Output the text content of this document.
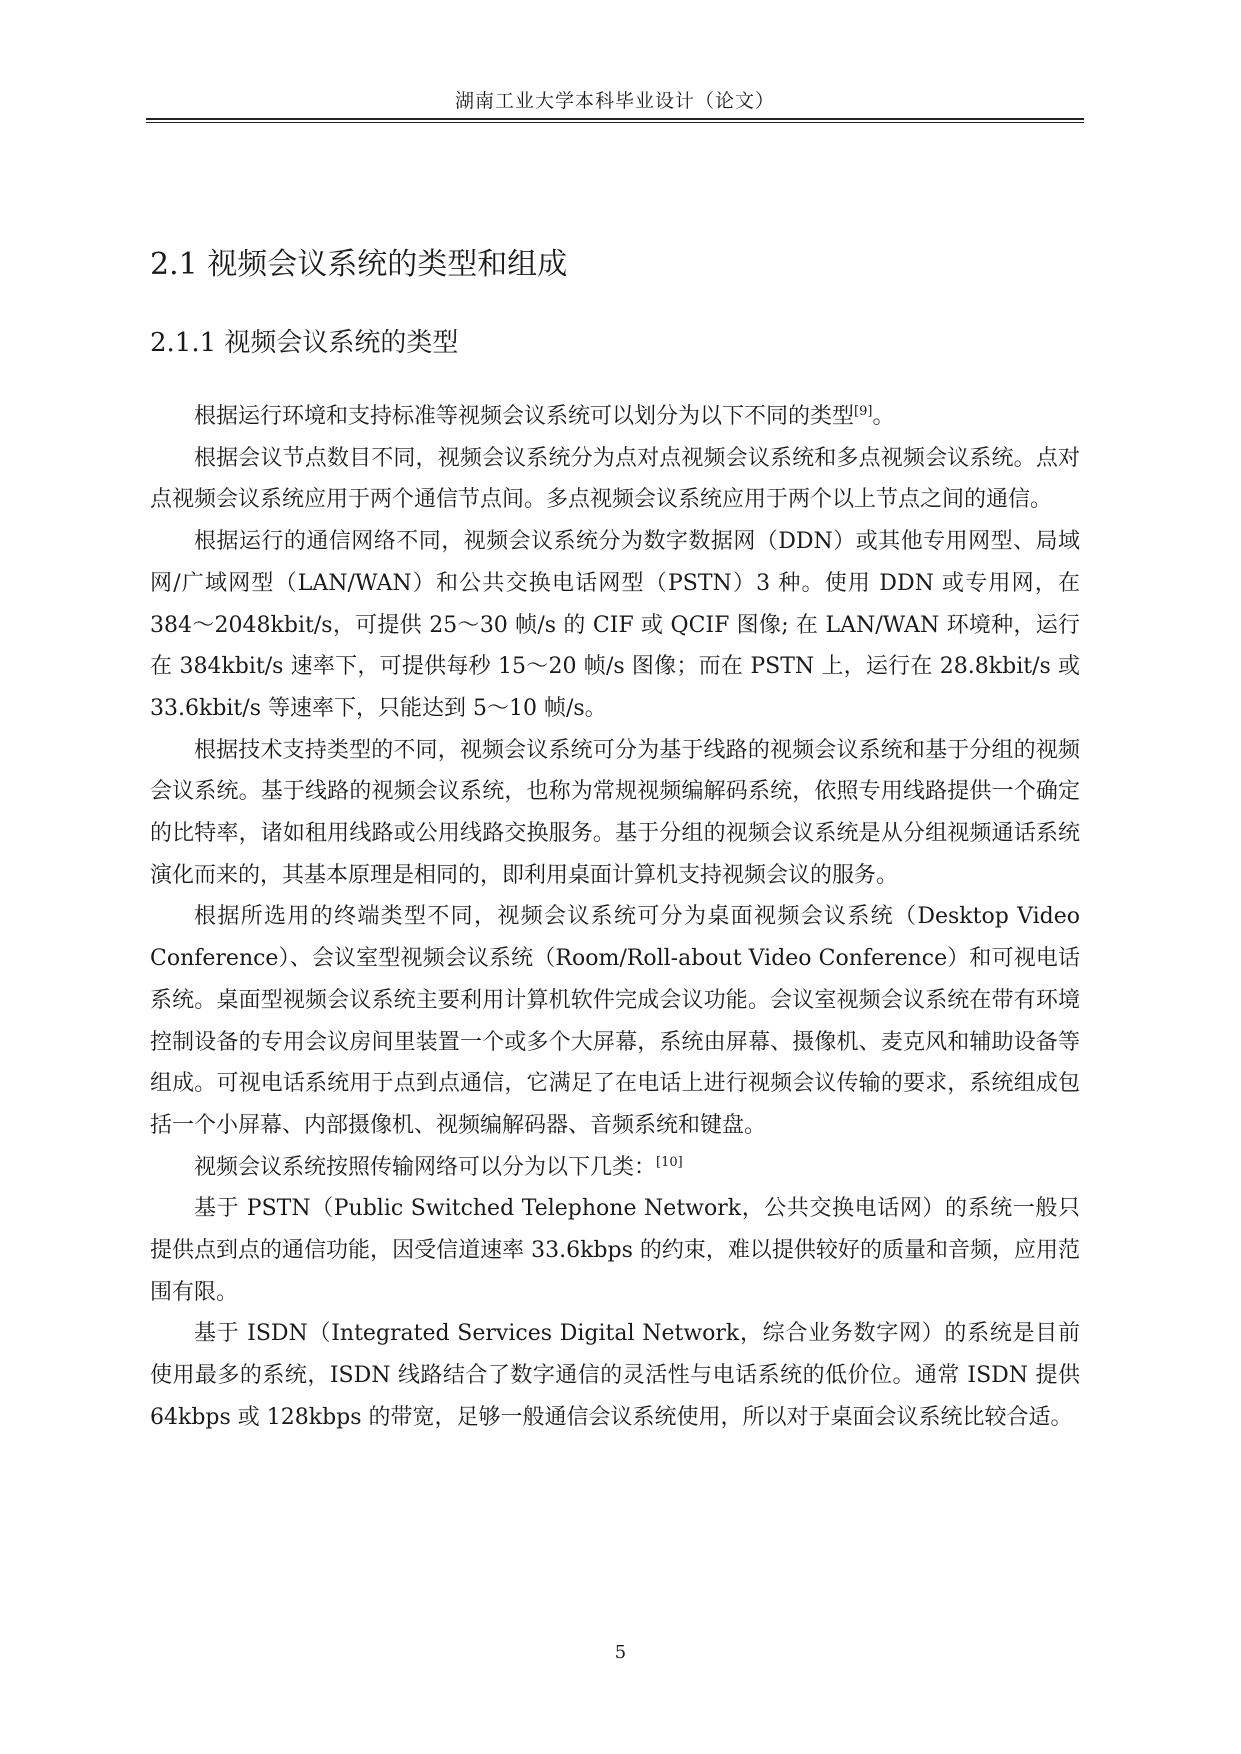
湖南工业大学本科毕业设计（论文）
2.1 视频会议系统的类型和组成
2.1.1 视频会议系统的类型

根据运行环境和支持标准等视频会议系统可以划分为以下不同的类型[9]。

根据会议节点数目不同，视频会议系统分为点对点视频会议系统和多点视频会议系统。点对点视频会议系统应用于两个通信节点间。多点视频会议系统应用于两个以上节点之间的通信。

根据运行的通信网络不同，视频会议系统分为数字数据网（DDN）或其他专用网型、局域网/广域网型（LAN/WAN）和公共交换电话网型（PSTN）3 种。使用 DDN 或专用网，在 384～2048kbit/s，可提供 25～30 帧/s 的 CIF 或 QCIF 图像; 在 LAN/WAN 环境种，运行在 384kbit/s 速率下，可提供每秒 15～20 帧/s 图像；而在 PSTN 上，运行在 28.8kbit/s 或 33.6kbit/s 等速率下，只能达到 5～10 帧/s。

根据技术支持类型的不同，视频会议系统可分为基于线路的视频会议系统和基于分组的视频会议系统。基于线路的视频会议系统，也称为常规视频编解码系统，依照专用线路提供一个确定的比特率，诸如租用线路或公用线路交换服务。基于分组的视频会议系统是从分组视频通话系统演化而来的，其基本原理是相同的，即利用桌面计算机支持视频会议的服务。

根据所选用的终端类型不同，视频会议系统可分为桌面视频会议系统（Desktop Video Conference）、会议室型视频会议系统（Room/Roll-about Video Conference）和可视电话系统。桌面型视频会议系统主要利用计算机软件完成会议功能。会议室视频会议系统在带有环境控制设备的专用会议房间里装置一个或多个大屏幕，系统由屏幕、摄像机、麦克风和辅助设备等组成。可视电话系统用于点到点通信，它满足了在电话上进行视频会议传输的要求，系统组成包括一个小屏幕、内部摄像机、视频编解码器、音频系统和键盘。

视频会议系统按照传输网络可以分为以下几类：[10]

基于 PSTN（Public Switched Telephone Network，公共交换电话网）的系统一般只提供点到点的通信功能，因受信道速率 33.6kbps 的约束，难以提供较好的质量和音频，应用范围有限。

基于 ISDN（Integrated Services Digital Network，综合业务数字网）的系统是目前使用最多的系统，ISDN 线路结合了数字通信的灵活性与电话系统的低价位。通常 ISDN 提供 64kbps 或 128kbps 的带宽，足够一般通信会议系统使用，所以对于桌面会议系统比较合适。

5
